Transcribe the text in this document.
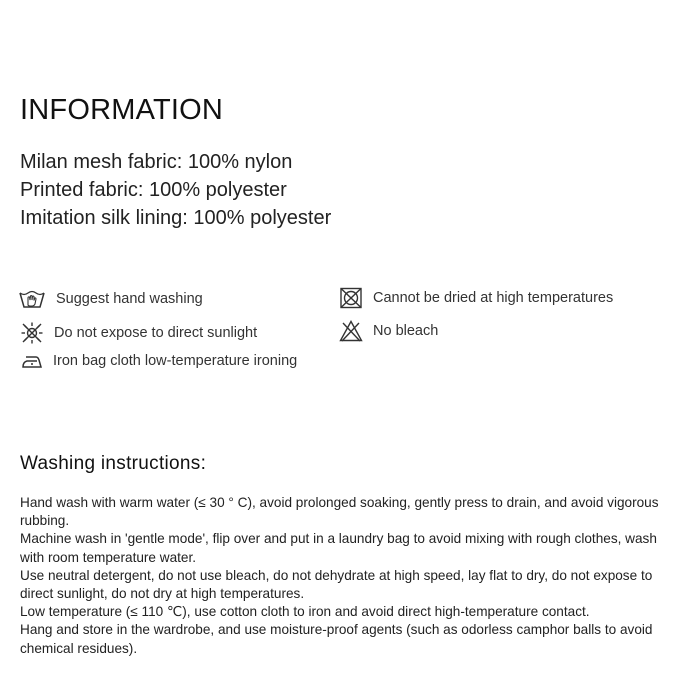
INFORMATION
Milan mesh fabric: 100% nylon
Printed fabric: 100% polyester
Imitation silk lining: 100% polyester
Suggest hand washing
Do not expose to direct sunlight
Iron bag cloth low-temperature ironing
Cannot be dried at high temperatures
No bleach
Washing instructions:

Hand wash with warm water (≤ 30 ° C), avoid prolonged soaking, gently press to drain, and avoid vigorous rubbing.

Machine wash in 'gentle mode', flip over and put in a laundry bag to avoid mixing with rough clothes, wash with room temperature water.

Use neutral detergent, do not use bleach, do not dehydrate at high speed, lay flat to dry, do not expose to direct sunlight, do not dry at high temperatures.

Low temperature (≤ 110 ℃), use cotton cloth to iron and avoid direct high-temperature contact.

Hang and store in the wardrobe, and use moisture-proof agents (such as odorless camphor balls to avoid chemical residues).
